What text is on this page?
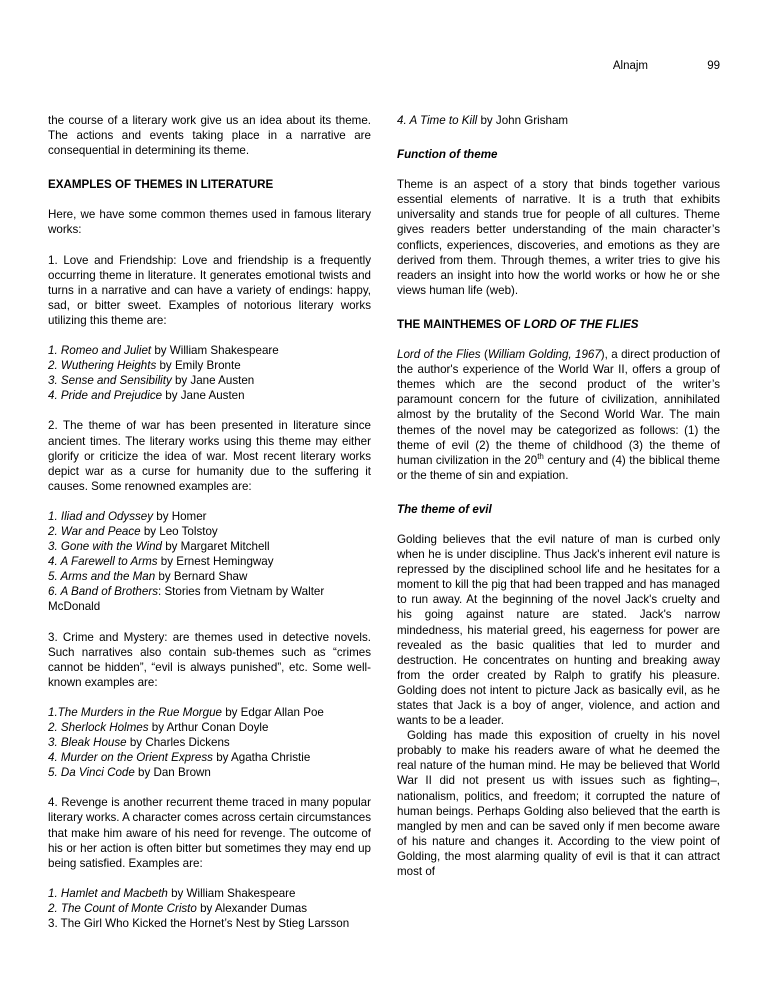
Alnajm	99

the course of a literary work give us an idea about its theme. The actions and events taking place in a narrative are consequential in determining its theme.

EXAMPLES OF THEMES IN LITERATURE

Here, we have some common themes used in famous literary works:

1. Love and Friendship: Love and friendship is a frequently occurring theme in literature. It generates emotional twists and turns in a narrative and can have a variety of endings: happy, sad, or bitter sweet. Examples of notorious literary works utilizing this theme are:

1. Romeo and Juliet by William Shakespeare
2. Wuthering Heights by Emily Bronte
3. Sense and Sensibility by Jane Austen
4. Pride and Prejudice by Jane Austen

2. The theme of war has been presented in literature since ancient times. The literary works using this theme may either glorify or criticize the idea of war. Most recent literary works depict war as a curse for humanity due to the suffering it causes. Some renowned examples are:

1. Iliad and Odyssey by Homer
2. War and Peace by Leo Tolstoy
3. Gone with the Wind by Margaret Mitchell
4. A Farewell to Arms by Ernest Hemingway
5. Arms and the Man by Bernard Shaw
6. A Band of Brothers: Stories from Vietnam by Walter McDonald

3. Crime and Mystery: are themes used in detective novels. Such narratives also contain sub-themes such as “crimes cannot be hidden”, “evil is always punished”, etc. Some well-known examples are:

1.The Murders in the Rue Morgue by Edgar Allan Poe
2. Sherlock Holmes by Arthur Conan Doyle
3. Bleak House by Charles Dickens
4. Murder on the Orient Express by Agatha Christie
5. Da Vinci Code by Dan Brown

4. Revenge is another recurrent theme traced in many popular literary works. A character comes across certain circumstances that make him aware of his need for revenge. The outcome of his or her action is often bitter but sometimes they may end up being satisfied. Examples are:

1. Hamlet and Macbeth by William Shakespeare
2. The Count of Monte Cristo by Alexander Dumas
3. The Girl Who Kicked the Hornet’s Nest by Stieg Larsson
4. A Time to Kill by John Grisham
Function of theme

Theme is an aspect of a story that binds together various essential elements of narrative. It is a truth that exhibits universality and stands true for people of all cultures. Theme gives readers better understanding of the main character’s conflicts, experiences, discoveries, and emotions as they are derived from them. Through themes, a writer tries to give his readers an insight into how the world works or how he or she views human life (web).

THE MAINTHEMES OF LORD OF THE FLIES

Lord of the Flies (William Golding, 1967), a direct production of the author's experience of the World War II, offers a group of themes which are the second product of the writer’s paramount concern for the future of civilization, annihilated almost by the brutality of the Second World War. The main themes of the novel may be categorized as follows: (1) the theme of evil (2) the theme of childhood (3) the theme of human civilization in the 20th century and (4) the biblical theme or the theme of sin and expiation.

The theme of evil

Golding believes that the evil nature of man is curbed only when he is under discipline. Thus Jack's inherent evil nature is repressed by the disciplined school life and he hesitates for a moment to kill the pig that had been trapped and has managed to run away. At the beginning of the novel Jack's cruelty and his going against nature are stated. Jack's narrow mindedness, his material greed, his eagerness for power are revealed as the basic qualities that led to murder and destruction. He concentrates on hunting and breaking away from the order created by Ralph to gratify his pleasure. Golding does not intent to picture Jack as basically evil, as he states that Jack is a boy of anger, violence, and action and wants to be a leader.

Golding has made this exposition of cruelty in his novel probably to make his readers aware of what he deemed the real nature of the human mind. He may be believed that World War II did not present us with issues such as fighting–, nationalism, politics, and freedom; it corrupted the nature of human beings. Perhaps Golding also believed that the earth is mangled by men and can be saved only if men become aware of his nature and changes it. According to the view point of Golding, the most alarming quality of evil is that it can attract most of
